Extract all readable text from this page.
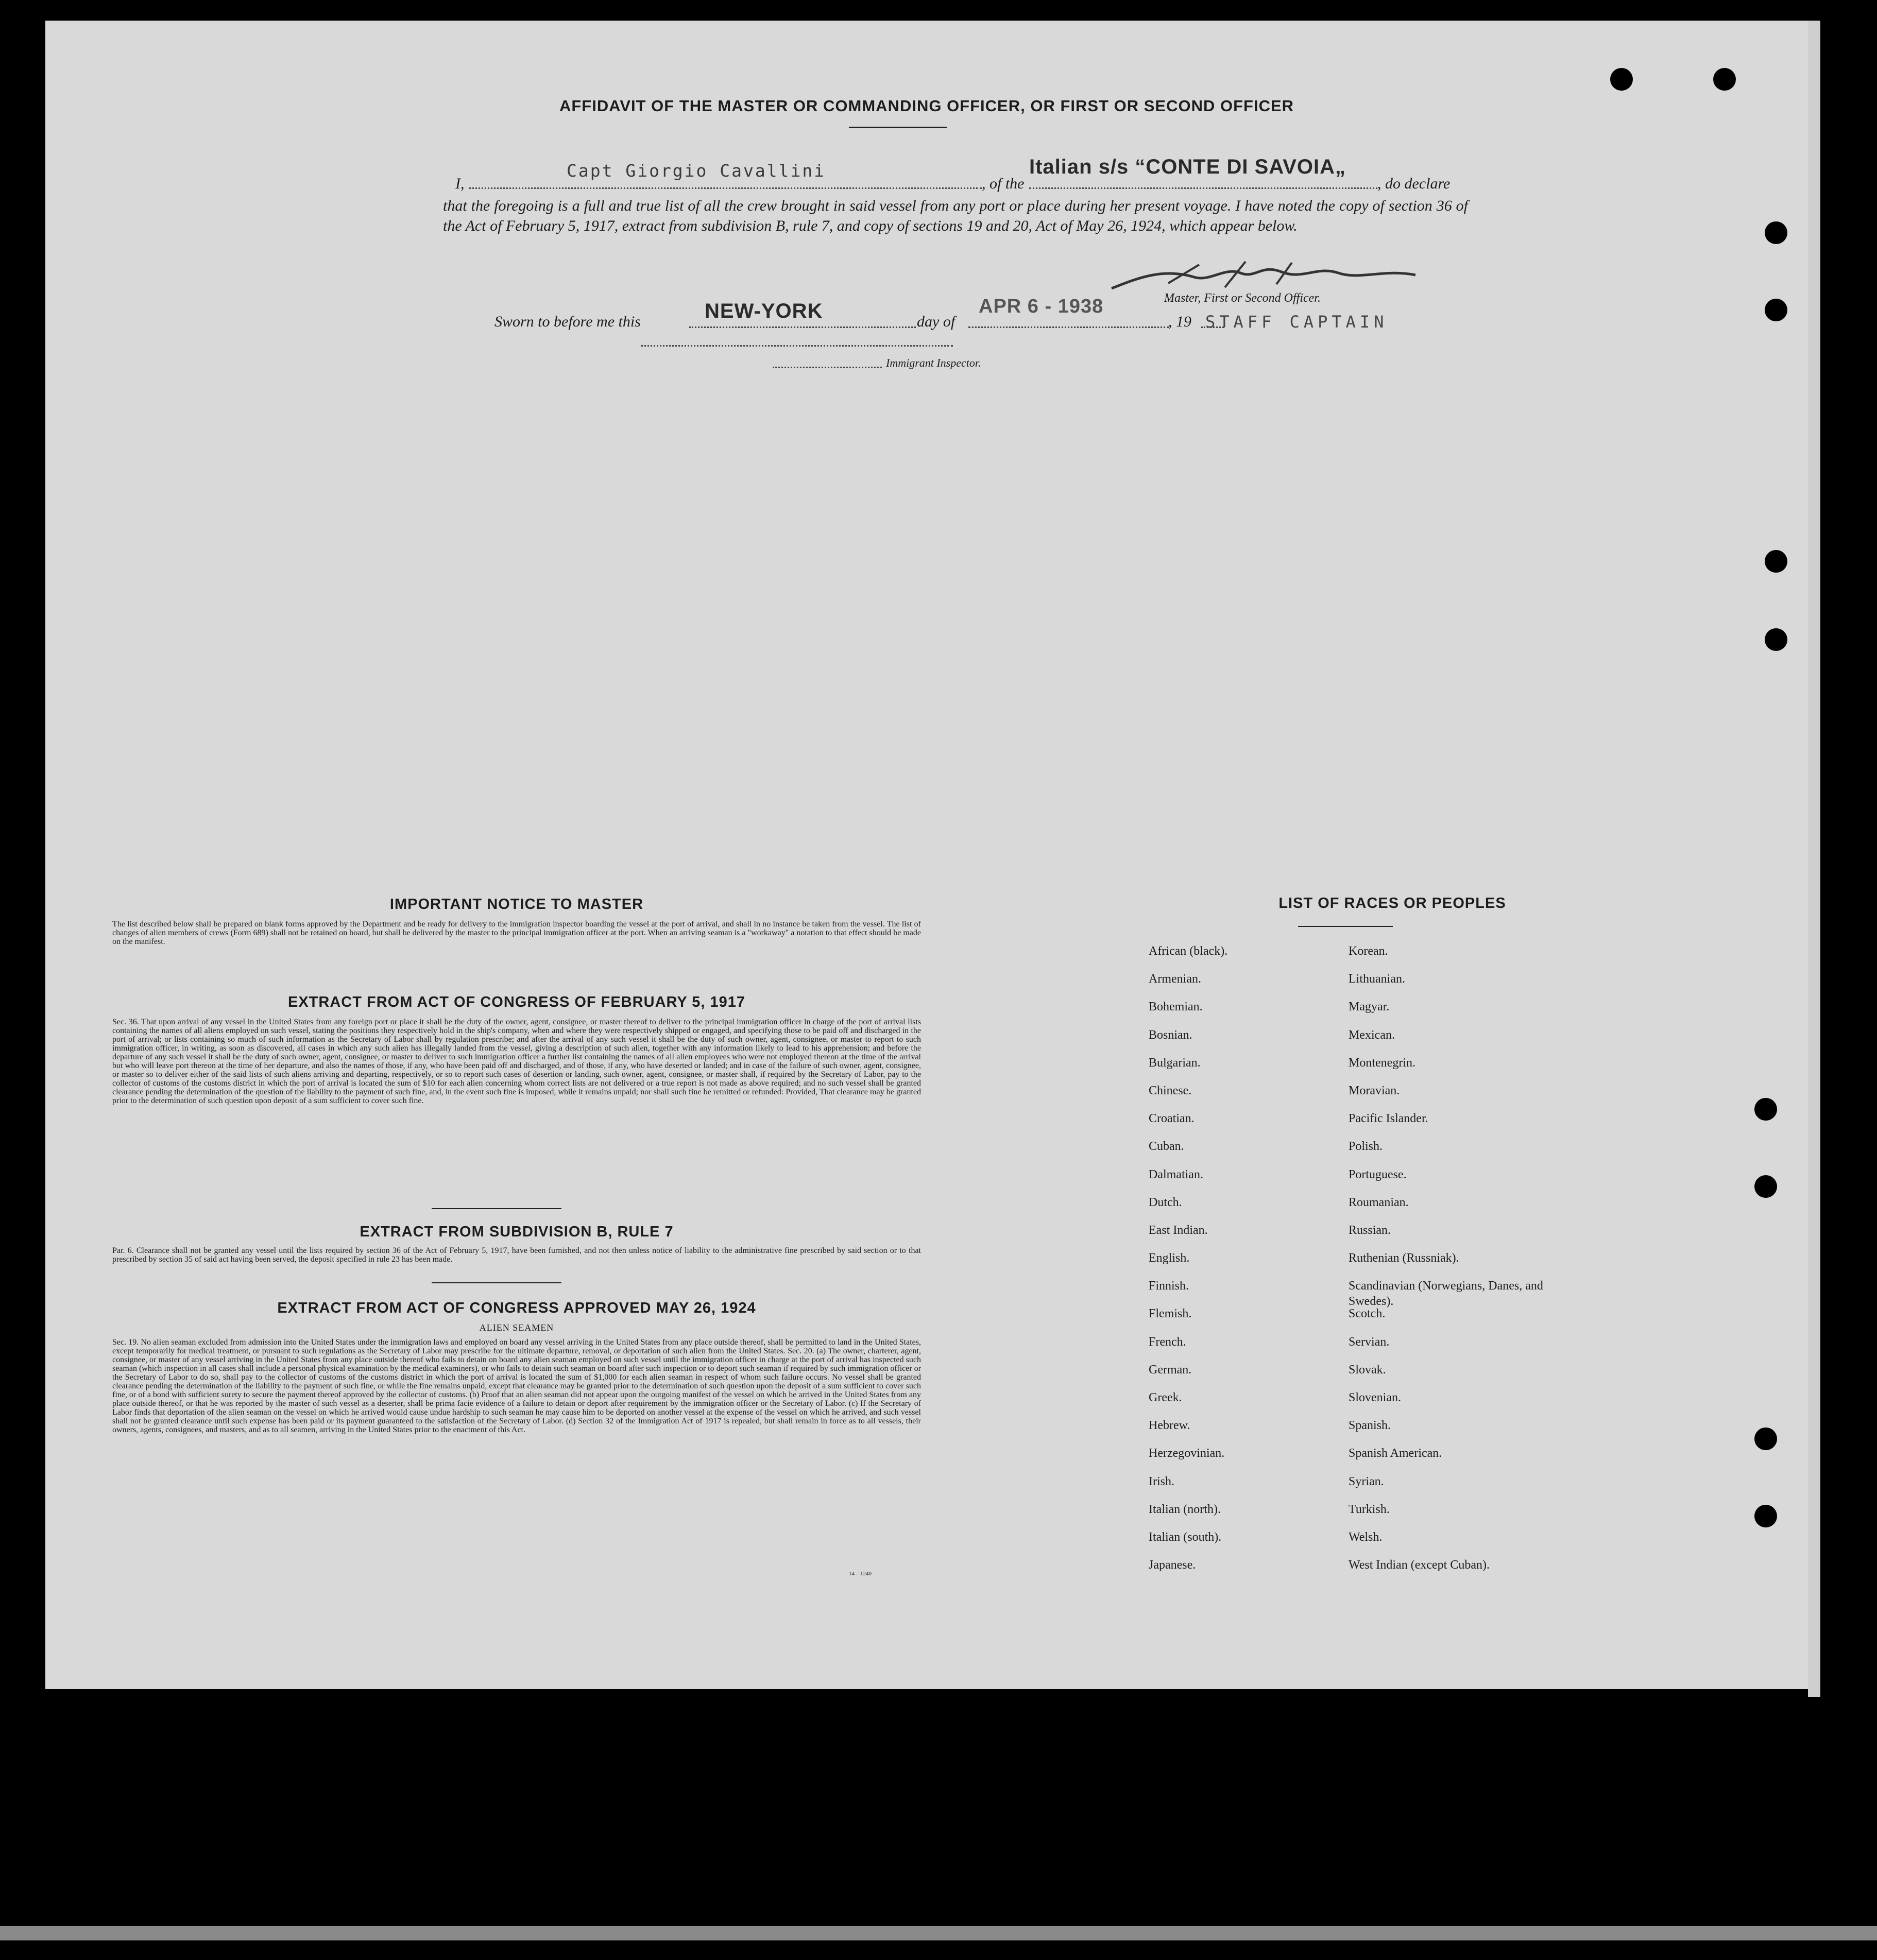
AFFIDAVIT OF THE MASTER OR COMMANDING OFFICER, OR FIRST OR SECOND OFFICER
I,
Capt Giorgio Cavallini
, of the
Italian s/s “CONTE DI SAVOIA„
, do declare
that the foregoing is a full and true list of all the crew brought in said vessel from any port or place during her present voyage. I have noted the copy of section 36 of the Act of February 5, 1917, extract from subdivision B, rule 7, and copy of sections 19 and 20, Act of May 26, 1924, which appear below.
Master, First or Second Officer.
Sworn to before me this	NEW-YORK	day of
APR 6 - 1938
, 19 STAFF CAPTAIN
Immigrant Inspector.
IMPORTANT NOTICE TO MASTER
The list described below shall be prepared on blank forms approved by the Department and be ready for delivery to the immigration inspector boarding the vessel at the port of arrival, and shall in no instance be taken from the vessel. The list of changes of alien members of crews (Form 689) shall not be retained on board, but shall be delivered by the master to the principal immigration officer at the port. When an arriving seaman is a "workaway" a notation to that effect should be made on the manifest.
EXTRACT FROM ACT OF CONGRESS OF FEBRUARY 5, 1917
Sec. 36. That upon arrival of any vessel in the United States from any foreign port or place it shall be the duty of the owner, agent, consignee, or master thereof to deliver to the principal immigration officer in charge of the port of arrival lists containing the names of all aliens employed on such vessel, stating the positions they respectively hold in the ship's company, when and where they were respectively shipped or engaged, and specifying those to be paid off and discharged in the port of arrival; or lists containing so much of such information as the Secretary of Labor shall by regulation prescribe; and after the arrival of any such vessel it shall be the duty of such owner, agent, consignee, or master to report to such immigration officer, in writing, as soon as discovered, all cases in which any such alien has illegally landed from the vessel, giving a description of such alien, together with any information likely to lead to his apprehension; and before the departure of any such vessel it shall be the duty of such owner, agent, consignee, or master to deliver to such immigration officer a further list containing the names of all alien employees who were not employed thereon at the time of the arrival but who will leave port thereon at the time of her departure, and also the names of those, if any, who have been paid off and discharged, and of those, if any, who have deserted or landed; and in case of the failure of such owner, agent, consignee, or master so to deliver either of the said lists of such aliens arriving and departing, respectively, or so to report such cases of desertion or landing, such owner, agent, consignee, or master shall, if required by the Secretary of Labor, pay to the collector of customs of the customs district in which the port of arrival is located the sum of $10 for each alien concerning whom correct lists are not delivered or a true report is not made as above required; and no such vessel shall be granted clearance pending the determination of the question of the liability to the payment of such fine, and, in the event such fine is imposed, while it remains unpaid; nor shall such fine be remitted or refunded: Provided, That clearance may be granted prior to the determination of such question upon deposit of a sum sufficient to cover such fine.
EXTRACT FROM SUBDIVISION B, RULE 7
Par. 6. Clearance shall not be granted any vessel until the lists required by section 36 of the Act of February 5, 1917, have been furnished, and not then unless notice of liability to the administrative fine prescribed by said section or to that prescribed by section 35 of said act having been served, the deposit specified in rule 23 has been made.
EXTRACT FROM ACT OF CONGRESS APPROVED MAY 26, 1924
ALIEN SEAMEN
Sec. 19. No alien seaman excluded from admission into the United States under the immigration laws and employed on board any vessel arriving in the United States from any place outside thereof, shall be permitted to land in the United States, except temporarily for medical treatment, or pursuant to such regulations as the Secretary of Labor may prescribe for the ultimate departure, removal, or deportation of such alien from the United States. Sec. 20. (a) The owner, charterer, agent, consignee, or master of any vessel arriving in the United States from any place outside thereof who fails to detain on board any alien seaman employed on such vessel until the immigration officer in charge at the port of arrival has inspected such seaman (which inspection in all cases shall include a personal physical examination by the medical examiners), or who fails to detain such seaman on board after such inspection or to deport such seaman if required by such immigration officer or the Secretary of Labor to do so, shall pay to the collector of customs of the customs district in which the port of arrival is located the sum of $1,000 for each alien seaman in respect of whom such failure occurs. No vessel shall be granted clearance pending the determination of the liability to the payment of such fine, or while the fine remains unpaid, except that clearance may be granted prior to the determination of such question upon the deposit of a sum sufficient to cover such fine, or of a bond with sufficient surety to secure the payment thereof approved by the collector of customs. (b) Proof that an alien seaman did not appear upon the outgoing manifest of the vessel on which he arrived in the United States from any place outside thereof, or that he was reported by the master of such vessel as a deserter, shall be prima facie evidence of a failure to detain or deport after requirement by the immigration officer or the Secretary of Labor. (c) If the Secretary of Labor finds that deportation of the alien seaman on the vessel on which he arrived would cause undue hardship to such seaman he may cause him to be deported on another vessel at the expense of the vessel on which he arrived, and such vessel shall not be granted clearance until such expense has been paid or its payment guaranteed to the satisfaction of the Secretary of Labor. (d) Section 32 of the Immigration Act of 1917 is repealed, but shall remain in force as to all vessels, their owners, agents, consignees, and masters, and as to all seamen, arriving in the United States prior to the enactment of this Act.
14—1240
LIST OF RACES OR PEOPLES
African (black).
Armenian.
Bohemian.
Bosnian.
Bulgarian.
Chinese.
Croatian.
Cuban.
Dalmatian.
Dutch.
East Indian.
English.
Finnish.
Flemish.
French.
German.
Greek.
Hebrew.
Herzegovinian.
Irish.
Italian (north).
Italian (south).
Japanese.
Korean.
Lithuanian.
Magyar.
Mexican.
Montenegrin.
Moravian.
Pacific Islander.
Polish.
Portuguese.
Roumanian.
Russian.
Ruthenian (Russniak).
Scandinavian (Norwegians, Danes, and Swedes).
Scotch.
Servian.
Slovak.
Slovenian.
Spanish.
Spanish American.
Syrian.
Turkish.
Welsh.
West Indian (except Cuban).
